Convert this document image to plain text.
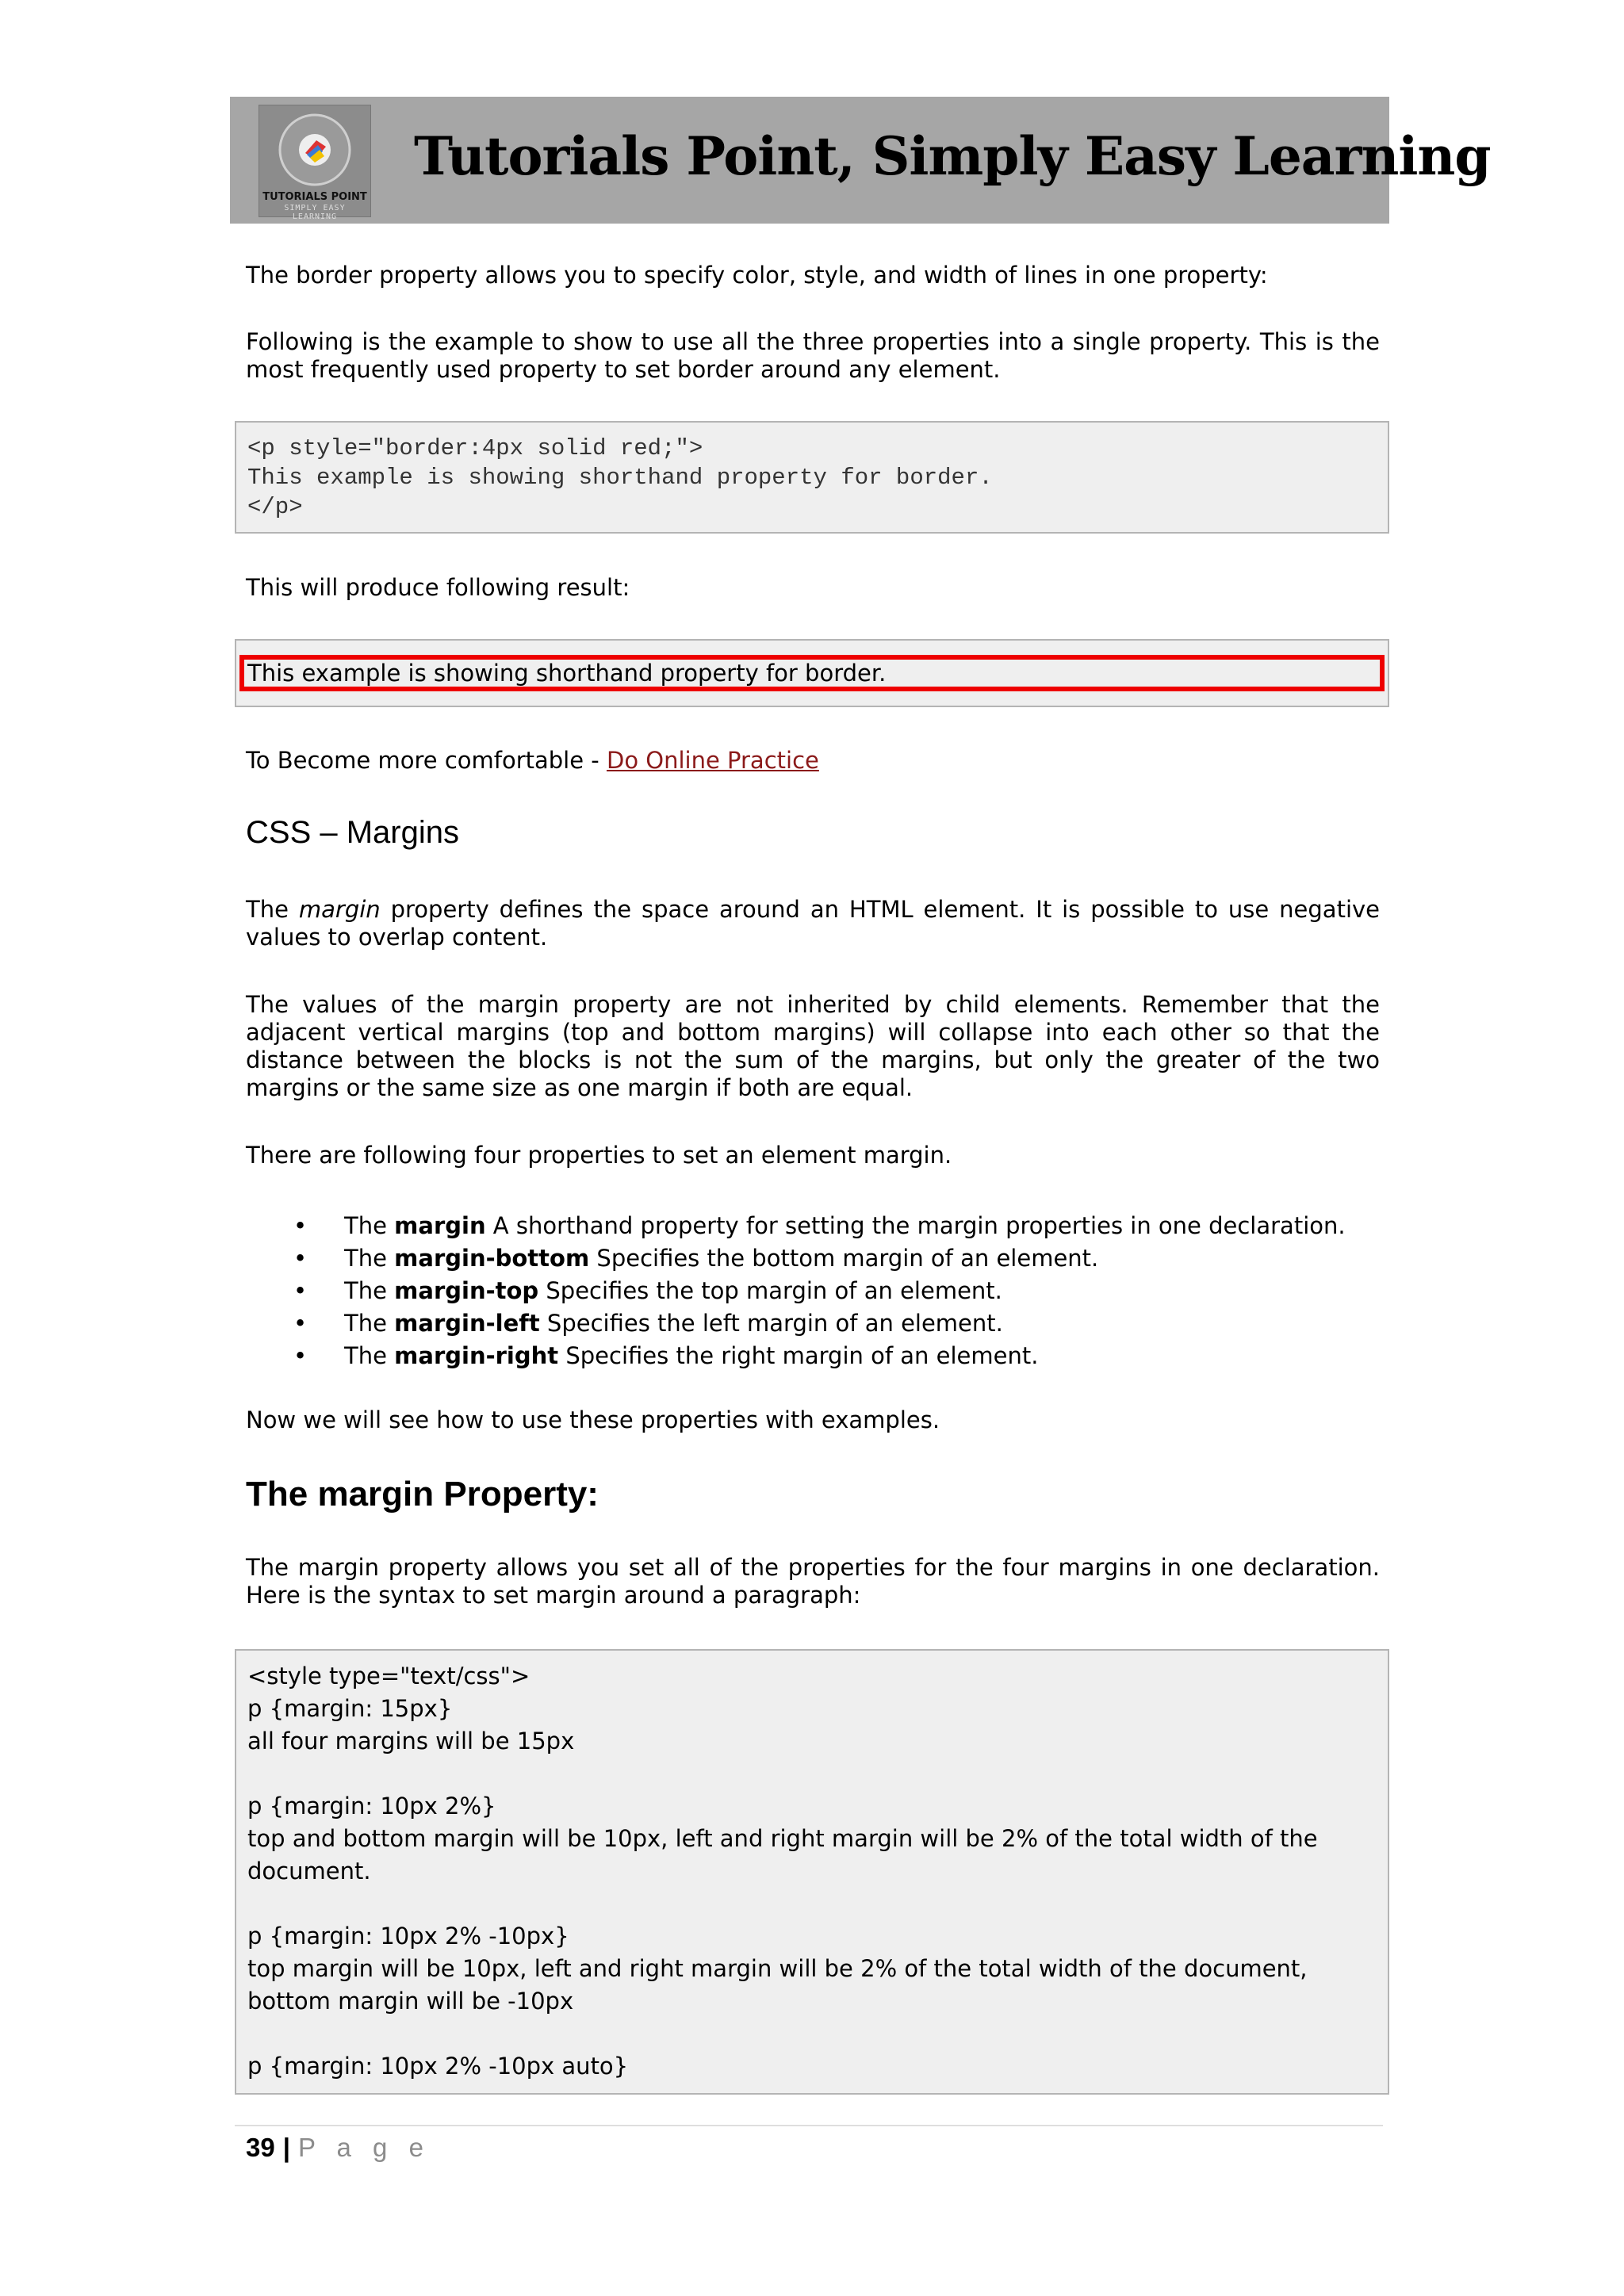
TUTORIALS POINT
SIMPLY EASY LEARNING
Tutorials Point, Simply Easy Learning

The border property allows you to specify color, style, and width of lines in one property:

Following is the example to show to use all the three properties into a single property. This is the most frequently used property to set border around any element.

<p style="border:4px solid red;">
This example is showing shorthand property for border.
</p>

This will produce following result:

This example is showing shorthand property for border.

To Become more comfortable - Do Online Practice

CSS – Margins

The margin property defines the space around an HTML element. It is possible to use negative values to overlap content.

The values of the margin property are not inherited by child elements. Remember that the adjacent vertical margins (top and bottom margins) will collapse into each other so that the distance between the blocks is not the sum of the margins, but only the greater of the two margins or the same size as one margin if both are equal.

There are following four properties to set an element margin.

• The margin A shorthand property for setting the margin properties in one declaration.
• The margin-bottom Specifies the bottom margin of an element.
• The margin-top Specifies the top margin of an element.
• The margin-left Specifies the left margin of an element.
• The margin-right Specifies the right margin of an element.

Now we will see how to use these properties with examples.

The margin Property:

The margin property allows you set all of the properties for the four margins in one declaration. Here is the syntax to set margin around a paragraph:

<style type="text/css">
p {margin: 15px}
all four margins will be 15px
p {margin: 10px 2%}
top and bottom margin will be 10px, left and right margin will be 2% of the total width of the document.
p {margin: 10px 2% -10px}
top margin will be 10px, left and right margin will be 2% of the total width of the document, bottom margin will be -10px
p {margin: 10px 2% -10px auto}
39 | P a g e
